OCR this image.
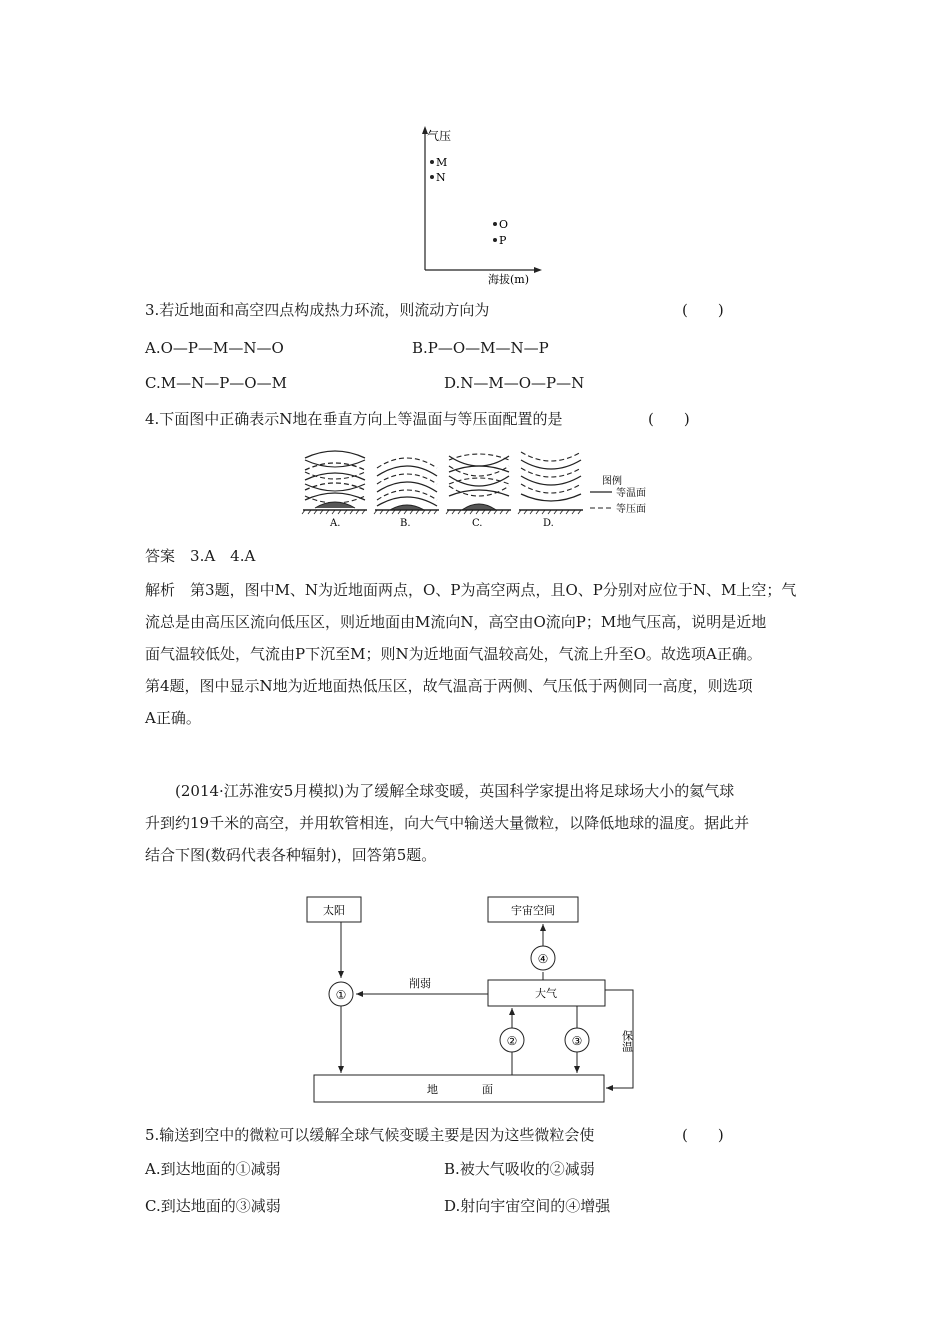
气压
海拔(m)
M
N
O
P
3.若近地面和高空四点构成热力环流，则流动方向为	(　　)
A.O—P—M—N—O	B.P—O—M—N—P
C.M—N—P—O—M	D.N—M—O—P—N
4.下面图中正确表示N地在垂直方向上等温面与等压面配置的是	(　　)
A.	B.	C.	D.
图例
等温面
等压面
答案　 3.A　4.A
解析　 第3题，图中M、N为近地面两点，O、P为高空两点，且O、P分别对应位于N、M上空；气
流总是由高压区流向低压区，则近地面由M流向N，高空由O流向P；M地气压高，说明是近地
面气温较低处，气流由P下沉至M；则N为近地面气温较高处，气流上升至O。故选项A正确。
第4题，图中显示N地为近地面热低压区，故气温高于两侧、气压低于两侧同一高度，则选项
A正确。
(2014·江苏淮安5月模拟)为了缓解全球变暖，英国科学家提出将足球场大小的氦气球
升到约19千米的高空，并用软管相连，向大气中输送大量微粒，以降低地球的温度。据此并
结合下图(数码代表各种辐射)，回答第5题。
太阳	宇宙空间
大气
地　　　　面
①
削弱
④
②	③	保温
5.输送到空中的微粒可以缓解全球气候变暖主要是因为这些微粒会使	(　　)
A.到达地面的①减弱	B.被大气吸收的②减弱
C.到达地面的③减弱	D.射向宇宙空间的④增强
